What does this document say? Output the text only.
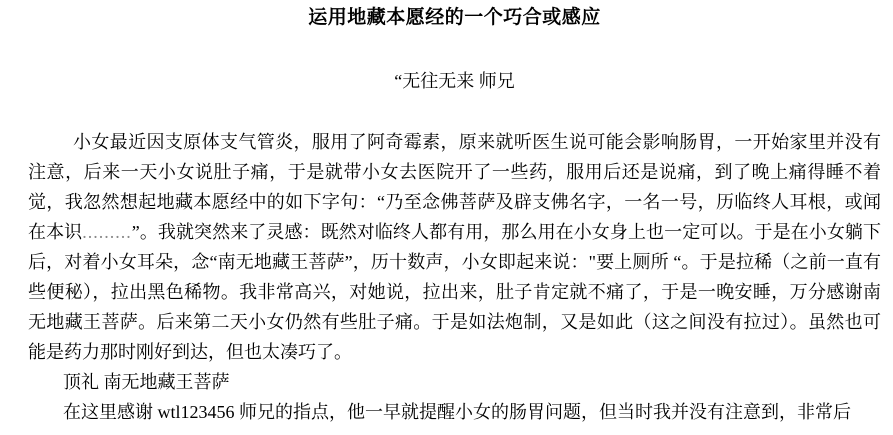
运用地藏本愿经的一个巧合或感应
“无往无来 师兄

小女最近因支原体支气管炎，服用了阿奇霉素，原来就听医生说可能会影响肠胃，一开始家里并没有注意，后来一天小女说肚子痛，于是就带小女去医院开了一些药，服用后还是说痛，到了晚上痛得睡不着觉，我忽然想起地藏本愿经中的如下字句：“乃至念佛菩萨及辟支佛名字，一名一号，历临终人耳根，或闻在本识.........”。我就突然来了灵感：既然对临终人都有用，那么用在小女身上也一定可以。于是在小女躺下后，对着小女耳朵，念“南无地藏王菩萨”，历十数声，小女即起来说："要上厕所 “。于是拉稀（之前一直有些便秘），拉出黑色稀物。我非常高兴，对她说，拉出来，肚子肯定就不痛了，于是一晚安睡，万分感谢南无地藏王菩萨。后来第二天小女仍然有些肚子痛。于是如法炮制，又是如此（这之间没有拉过）。虽然也可能是药力那时刚好到达，但也太凑巧了。

顶礼 南无地藏王菩萨

在这里感谢 wtl123456 师兄的指点，他一早就提醒小女的肠胃问题，但当时我并没有注意到，非常后
